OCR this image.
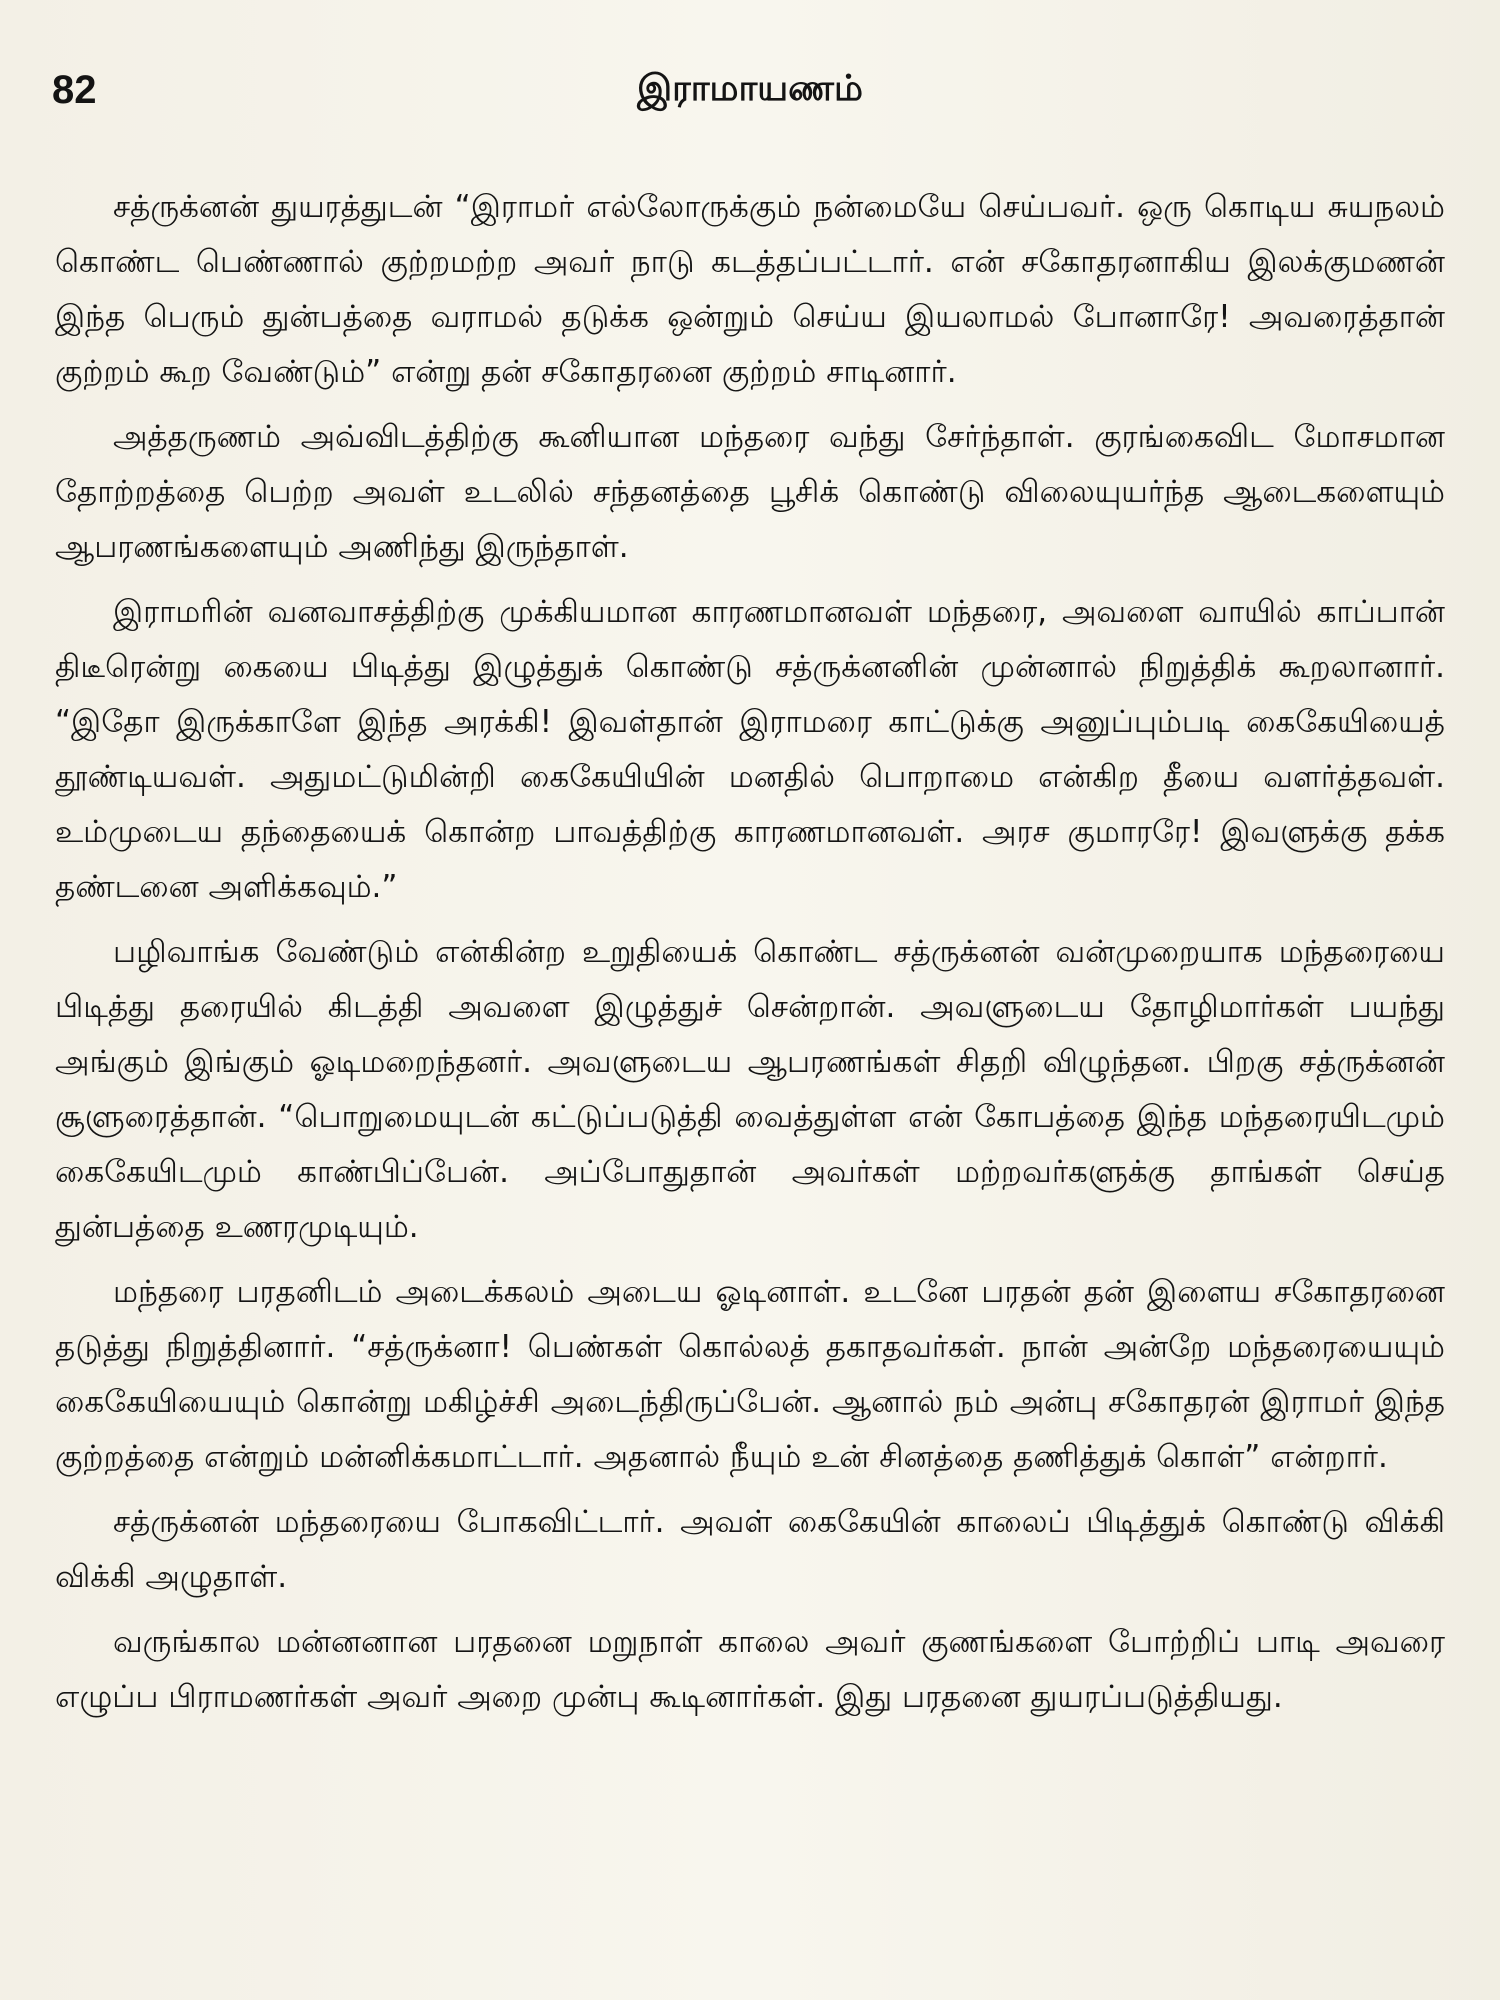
82	இராமாயணம்

சத்ருக்னன் துயரத்துடன் “இராமர் எல்லோருக்கும் நன்மையே செய்பவர். ஒரு கொடிய சுயநலம் கொண்ட பெண்ணால் குற்றமற்ற அவர் நாடு கடத்தப்பட்டார். என் சகோதரனாகிய இலக்குமணன் இந்த பெரும் துன்பத்தை வராமல் தடுக்க ஒன்றும் செய்ய இயலாமல் போனாரே! அவரைத்தான் குற்றம் கூற வேண்டும்” என்று தன் சகோதரனை குற்றம் சாடினார்.

அத்தருணம் அவ்விடத்திற்கு கூனியான மந்தரை வந்து சேர்ந்தாள். குரங்கைவிட மோசமான தோற்றத்தை பெற்ற அவள் உடலில் சந்தனத்தை பூசிக் கொண்டு விலையுயர்ந்த ஆடைகளையும் ஆபரணங்களையும் அணிந்து இருந்தாள்.

இராமரின் வனவாசத்திற்கு முக்கியமான காரணமானவள் மந்தரை, அவளை வாயில் காப்பான் திடீரென்று கையை பிடித்து இழுத்துக் கொண்டு சத்ருக்னனின் முன்னால் நிறுத்திக் கூறலானார். “இதோ இருக்காளே இந்த அரக்கி! இவள்தான் இராமரை காட்டுக்கு அனுப்பும்படி கைகேயியைத் தூண்டியவள். அதுமட்டுமின்றி கைகேயியின் மனதில் பொறாமை என்கிற தீயை வளர்த்தவள். உம்முடைய தந்தையைக் கொன்ற பாவத்திற்கு காரணமானவள். அரச குமாரரே! இவளுக்கு தக்க தண்டனை அளிக்கவும்.”

பழிவாங்க வேண்டும் என்கின்ற உறுதியைக் கொண்ட சத்ருக்னன் வன்முறையாக மந்தரையை பிடித்து தரையில் கிடத்தி அவளை இழுத்துச் சென்றான். அவளுடைய தோழிமார்கள் பயந்து அங்கும் இங்கும் ஓடிமறைந்தனர். அவளுடைய ஆபரணங்கள் சிதறி விழுந்தன. பிறகு சத்ருக்னன் சூளுரைத்தான். “பொறுமையுடன் கட்டுப்படுத்தி வைத்துள்ள என் கோபத்தை இந்த மந்தரையிடமும் கைகேயிடமும் காண்பிப்பேன். அப்போதுதான் அவர்கள் மற்றவர்களுக்கு தாங்கள் செய்த துன்பத்தை உணரமுடியும்.

மந்தரை பரதனிடம் அடைக்கலம் அடைய ஓடினாள். உடனே பரதன் தன் இளைய சகோதரனை தடுத்து நிறுத்தினார். “சத்ருக்னா! பெண்கள் கொல்லத் தகாதவர்கள். நான் அன்றே மந்தரையையும் கைகேயியையும் கொன்று மகிழ்ச்சி அடைந்திருப்பேன். ஆனால் நம் அன்பு சகோதரன் இராமர் இந்த குற்றத்தை என்றும் மன்னிக்கமாட்டார். அதனால் நீயும் உன் சினத்தை தணித்துக் கொள்” என்றார்.

சத்ருக்னன் மந்தரையை போகவிட்டார். அவள் கைகேயின் காலைப் பிடித்துக் கொண்டு விக்கி விக்கி அழுதாள்.

வருங்கால மன்னனான பரதனை மறுநாள் காலை அவர் குணங்களை போற்றிப் பாடி அவரை எழுப்ப பிராமணர்கள் அவர் அறை முன்பு கூடினார்கள். இது பரதனை துயரப்படுத்தியது.
